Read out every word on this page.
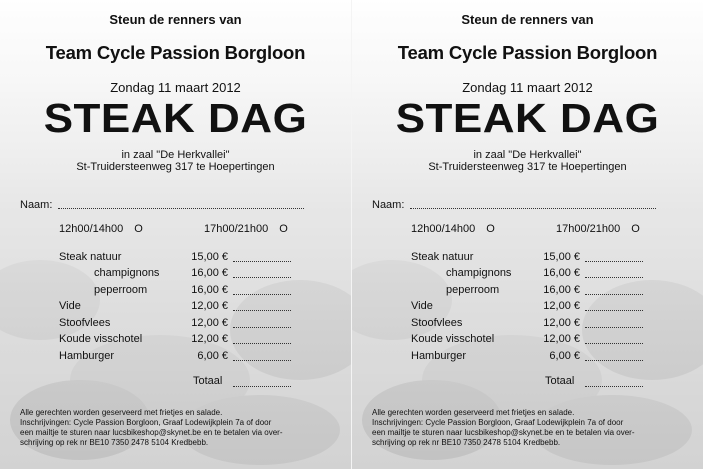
Steun de renners van
Team Cycle Passion Borgloon
Zondag 11 maart 2012
STEAK DAG
in zaal "De Herkvallei"
St-Truidersteenweg 317 te Hoepertingen
Naam:
12h00/14h00 O	17h00/21h00 O
Steak natuur	15,00 €
champignons	16,00 €
peperroom	16,00 €
Vide	12,00 €
Stoofvlees	12,00 €
Koude visschotel	12,00 €
Hamburger	6,00 €
Totaal
Alle gerechten worden geserveerd met frietjes en salade.
Inschrijvingen: Cycle Passion Borgloon, Graaf Lodewijkplein 7a of door
een mailtje te sturen naar lucsbikeshop@skynet.be en te betalen via over-
schrijving op rek nr BE10 7350 2478 5104 Kredbebb.
Steun de renners van
Team Cycle Passion Borgloon
Zondag 11 maart 2012
STEAK DAG
in zaal "De Herkvallei"
St-Truidersteenweg 317 te Hoepertingen
Naam:
12h00/14h00 O	17h00/21h00 O
Steak natuur	15,00 €
champignons	16,00 €
peperroom	16,00 €
Vide	12,00 €
Stoofvlees	12,00 €
Koude visschotel	12,00 €
Hamburger	6,00 €
Totaal
Alle gerechten worden geserveerd met frietjes en salade.
Inschrijvingen: Cycle Passion Borgloon, Graaf Lodewijkplein 7a of door
een mailtje te sturen naar lucsbikeshop@skynet.be en te betalen via over-
schrijving op rek nr BE10 7350 2478 5104 Kredbebb.
